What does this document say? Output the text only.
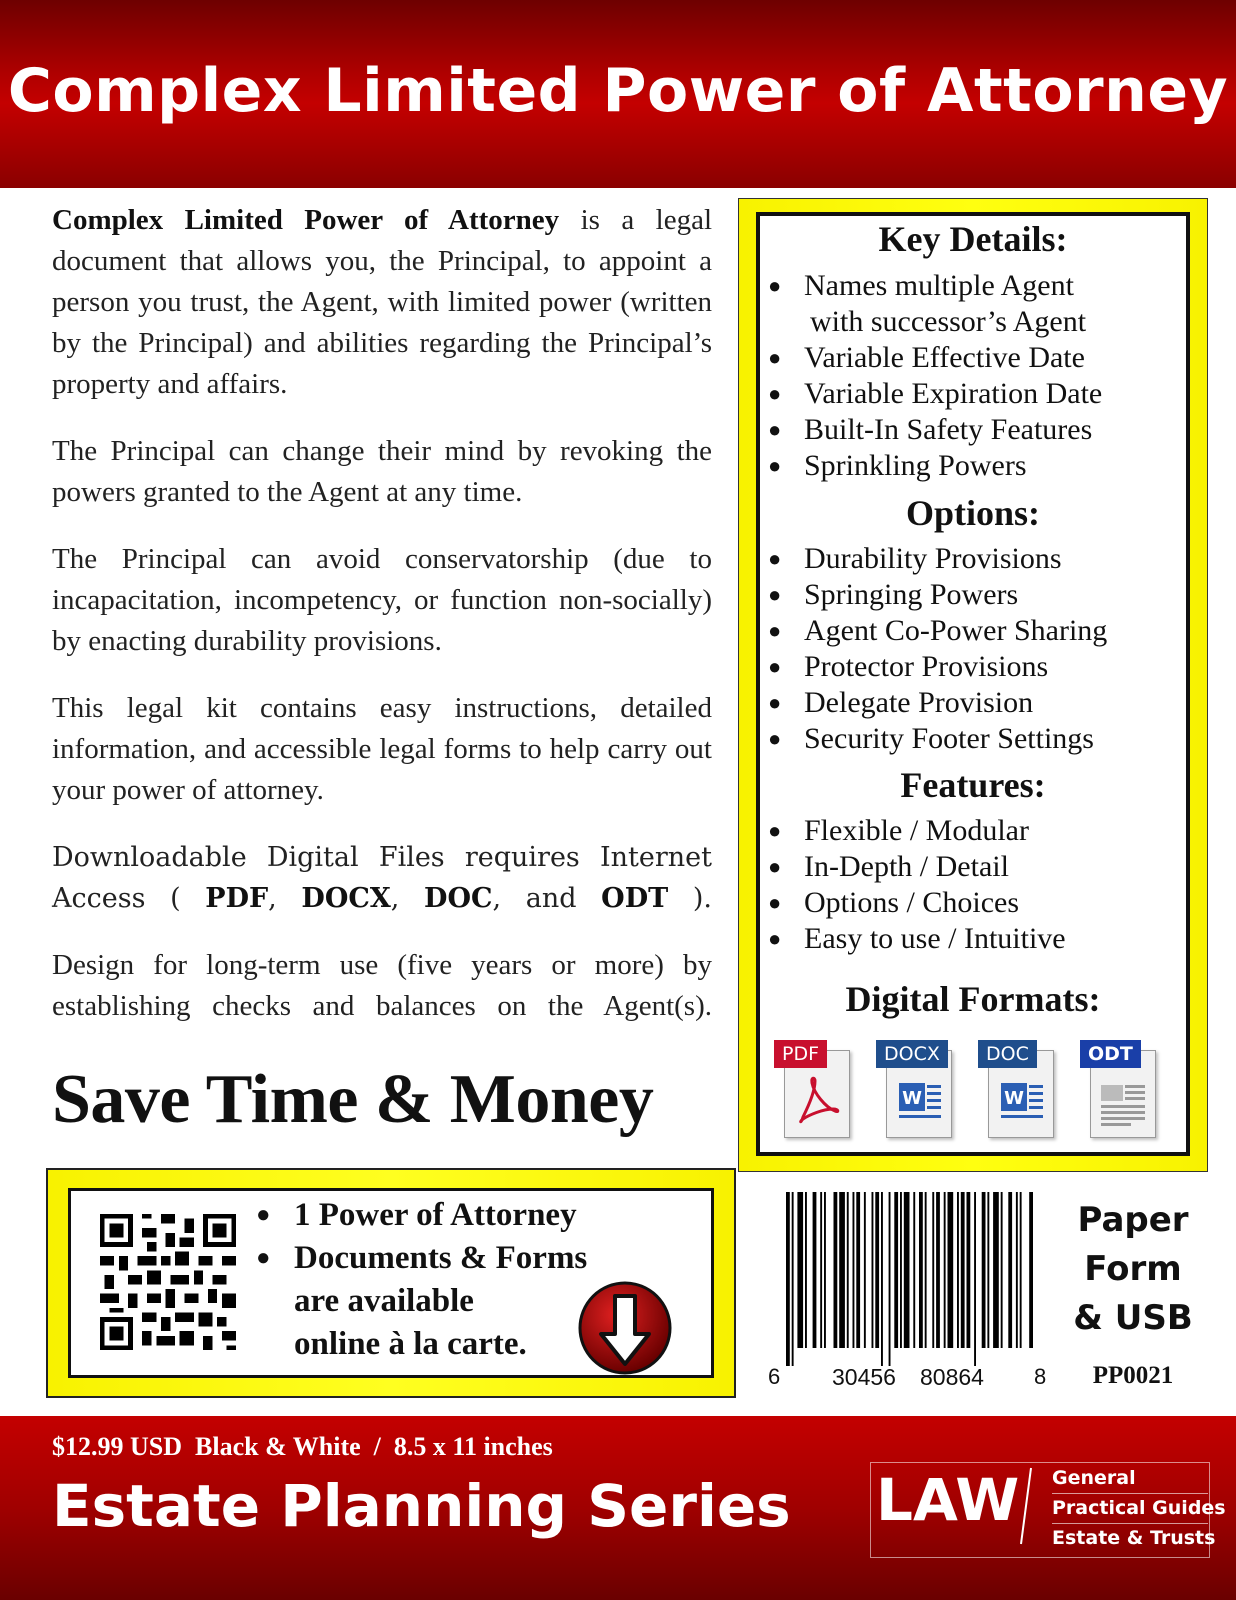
Complex Limited Power of Attorney

Complex Limited Power of Attorney is a legal document that allows you, the Principal, to appoint a person you trust, the Agent, with limited power (written by the Principal) and abilities regarding the Principal’s property and affairs.

The Principal can change their mind by revoking the powers granted to the Agent at any time.

The Principal can avoid conservatorship (due to incapacitation, incompetency, or function non-socially) by enacting durability provisions.

This legal kit contains easy instructions, detailed information, and accessible legal forms to help carry out your power of attorney.

Downloadable Digital Files requires Internet Access ( PDF, DOCX, DOC, and ODT ).

Design for long-term use (five years or more) by establishing checks and balances on the Agent(s).

Save Time & Money
Key Details:
● Names multiple Agent
with successor’s Agent
● Variable Effective Date
● Variable Expiration Date
● Built-In Safety Features
● Sprinkling Powers
Options:
● Durability Provisions
● Springing Powers
● Agent Co-Power Sharing
● Protector Provisions
● Delegate Provision
● Security Footer Settings
Features:
● Flexible / Modular
● In-Depth / Detail
● Options / Choices
● Easy to use / Intuitive
Digital Formats:
PDF
W
DOCX
W
DOC	ODT
● 1 Power of Attorney
● Documents & Forms
are available
online à la carte.
6 30456 80864 8
Paper
Form
& USB
PP0021
$12.99 USD  Black & White  /  8.5 x 11 inches
Estate Planning Series LAW General
Practical Guides
Estate & Trusts
